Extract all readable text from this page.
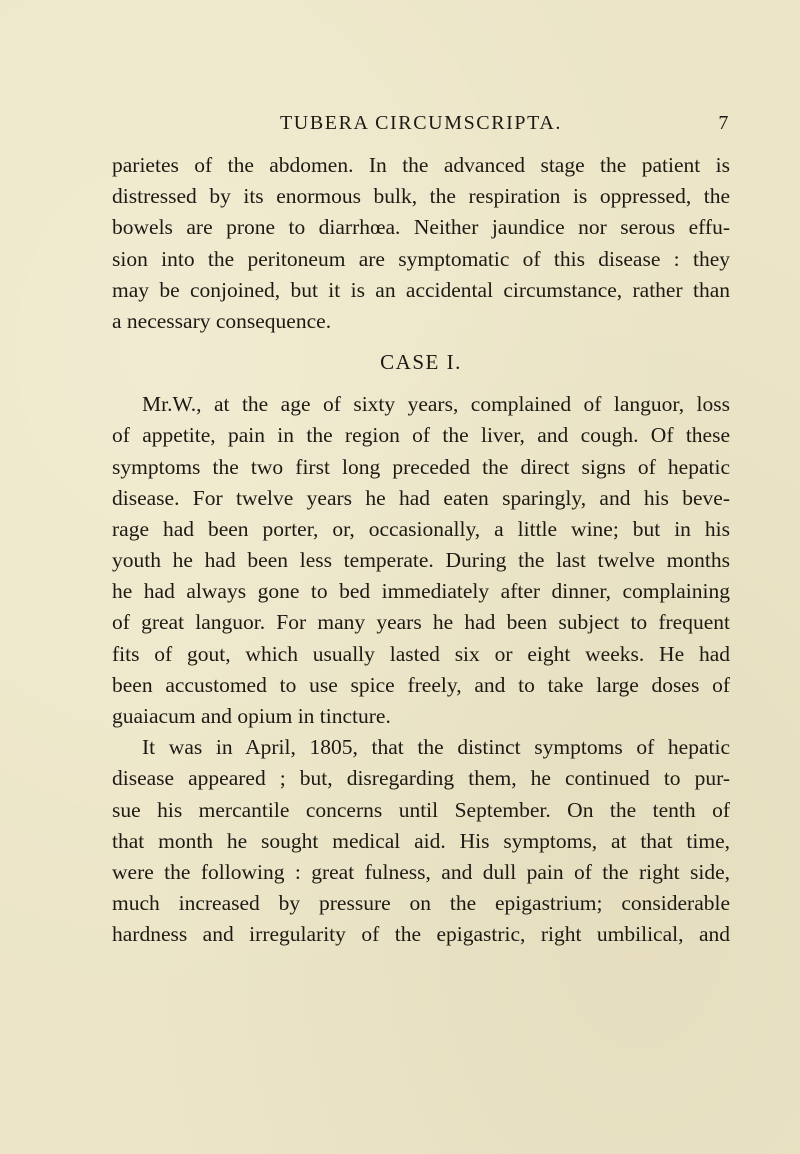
TUBERA CIRCUMSCRIPTA.	7
parietes of the abdomen. In the advanced stage the patient is
distressed by its enormous bulk, the respiration is oppressed, the
bowels are prone to diarrhœa. Neither jaundice nor serous effu-
sion into the peritoneum are symptomatic of this disease : they
may be conjoined, but it is an accidental circumstance, rather than
a necessary consequence.
CASE I.
Mr.W., at the age of sixty years, complained of languor, loss
of appetite, pain in the region of the liver, and cough. Of these
symptoms the two first long preceded the direct signs of hepatic
disease. For twelve years he had eaten sparingly, and his beve-
rage had been porter, or, occasionally, a little wine; but in his
youth he had been less temperate. During the last twelve months
he had always gone to bed immediately after dinner, complaining
of great languor. For many years he had been subject to frequent
fits of gout, which usually lasted six or eight weeks. He had
been accustomed to use spice freely, and to take large doses of
guaiacum and opium in tincture.
It was in April, 1805, that the distinct symptoms of hepatic
disease appeared ; but, disregarding them, he continued to pur-
sue his mercantile concerns until September. On the tenth of
that month he sought medical aid. His symptoms, at that time,
were the following : great fulness, and dull pain of the right side,
much increased by pressure on the epigastrium; considerable
hardness and irregularity of the epigastric, right umbilical, and
